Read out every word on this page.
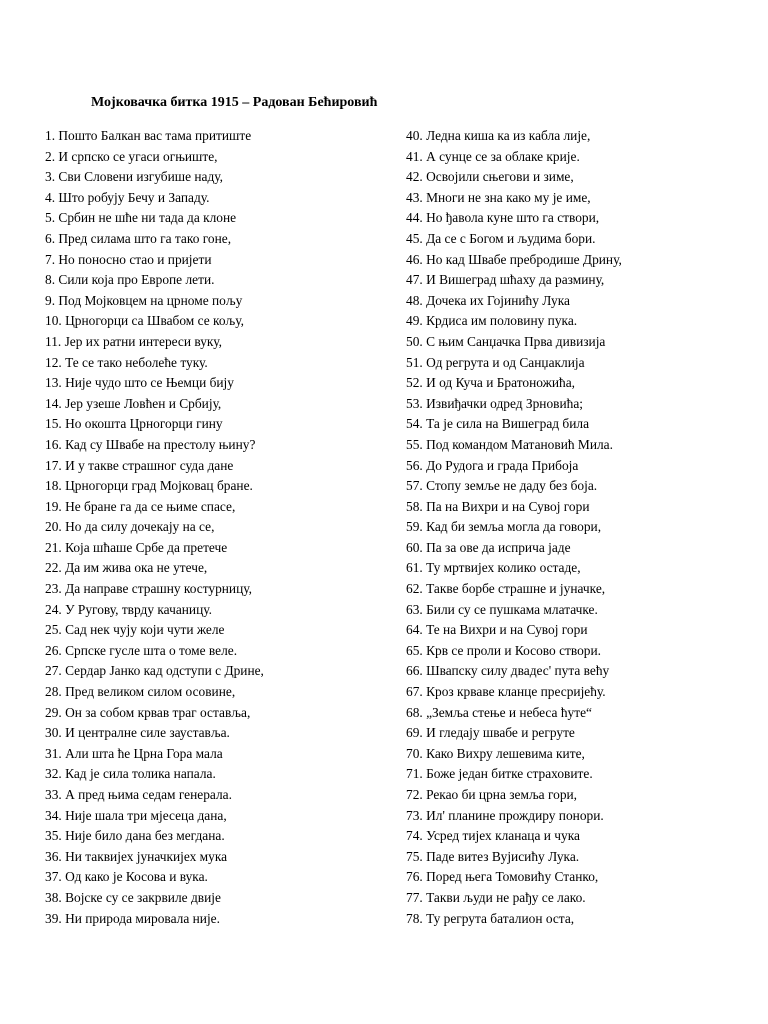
Мојковачка битка 1915 – Радован Бећировић
1. Пошто Балкан вас тама притиште
2. И српско се угаси огњиште,
3. Сви Словени изгубише наду,
4. Што робују Бечу и Западу.
5. Србин не шће ни тада да клоне
6. Пред силама што га тако гоне,
7. Но поносно стао и пријети
8. Сили која про Европе лети.
9. Под Мојковцем на црноме пољу
10. Црногорци са Швабом се кољу,
11. Јер их ратни интереси вуку,
12. Те се тако неболеће туку.
13. Није чудо што се Њемци бију
14. Јер узеше Ловћен и Србију,
15. Но окошта Црногорци гину
16. Кад су Швабе на престолу њину?
17. И у такве страшног суда дане
18. Црногорци град Мојковац бране.
19. Не бране га да се њиме спасе,
20. Но да силу дочекају на се,
21. Која шћаше Србе да претече
22. Да им жива ока не утече,
23. Да направе страшну костурницу,
24. У Ругову, тврду качаницу.
25. Сад нек чују који чути желе
26. Српске гусле шта о томе веле.
27. Сердар Јанко кад одступи с Дрине,
28. Пред великом силом осовине,
29. Он за собом крвав траг оставља,
30. И централне силе зауставља.
31. Али шта ће Црна Гора мала
32. Кад је сила толика напала.
33. А пред њима седам генерала.
34. Није шала три мјесеца дана,
35. Није било дана без мегдана.
36. Ни таквијех јуначкијех мука
37. Од како је Косова и вука.
38. Војске су се закрвиле двије
39. Ни природа мировала није.
40. Ледна киша ка из кабла лије,
41. А сунце се за облаке крије.
42. Освојили сњегови и зиме,
43. Многи не зна како му је име,
44. Но ђавола куне што га створи,
45. Да се с Богом и људима бори.
46. Но кад Швабе пребродише Дрину,
47. И Вишеград шћаху да размину,
48. Дочека их Гојинићу Лука
49. Крдиса им половину пука.
50. С њим Санџачка Прва дивизија
51. Од регрута и од Санџаклија
52. И од Куча и Братоножића,
53. Извиђачки одред Зрновића;
54. Та је сила на Вишеград била
55. Под командом Матановић Мила.
56. До Рудога и града Прибоја
57. Стопу земље не даду без боја.
58. Па на Вихри и на Сувој гори
59. Кад би земља могла да говори,
60. Па за ове да исприча јаде
61. Ту мртвијех колико остаде,
62. Такве борбе страшне и јуначке,
63. Били су се пушкама млатачке.
64. Те на Вихри и на Сувој гори
65. Крв се проли и Косово створи.
66. Швапску силу двадес' пута већу
67. Кроз крваве кланце пресријећу.
68. „Земља стење и небеса ћуте“
69. И гледају швабе и регруте
70. Како Вихру лешевима ките,
71. Боже један битке страховите.
72. Рекао би црна земља гори,
73. Ил' планине прождиру понори.
74. Усред тијех кланаца и чука
75. Паде витез Вујисићу Лука.
76. Поред њега Томовићу Станко,
77. Такви људи не рађу се лако.
78. Ту регрута баталион оста,
